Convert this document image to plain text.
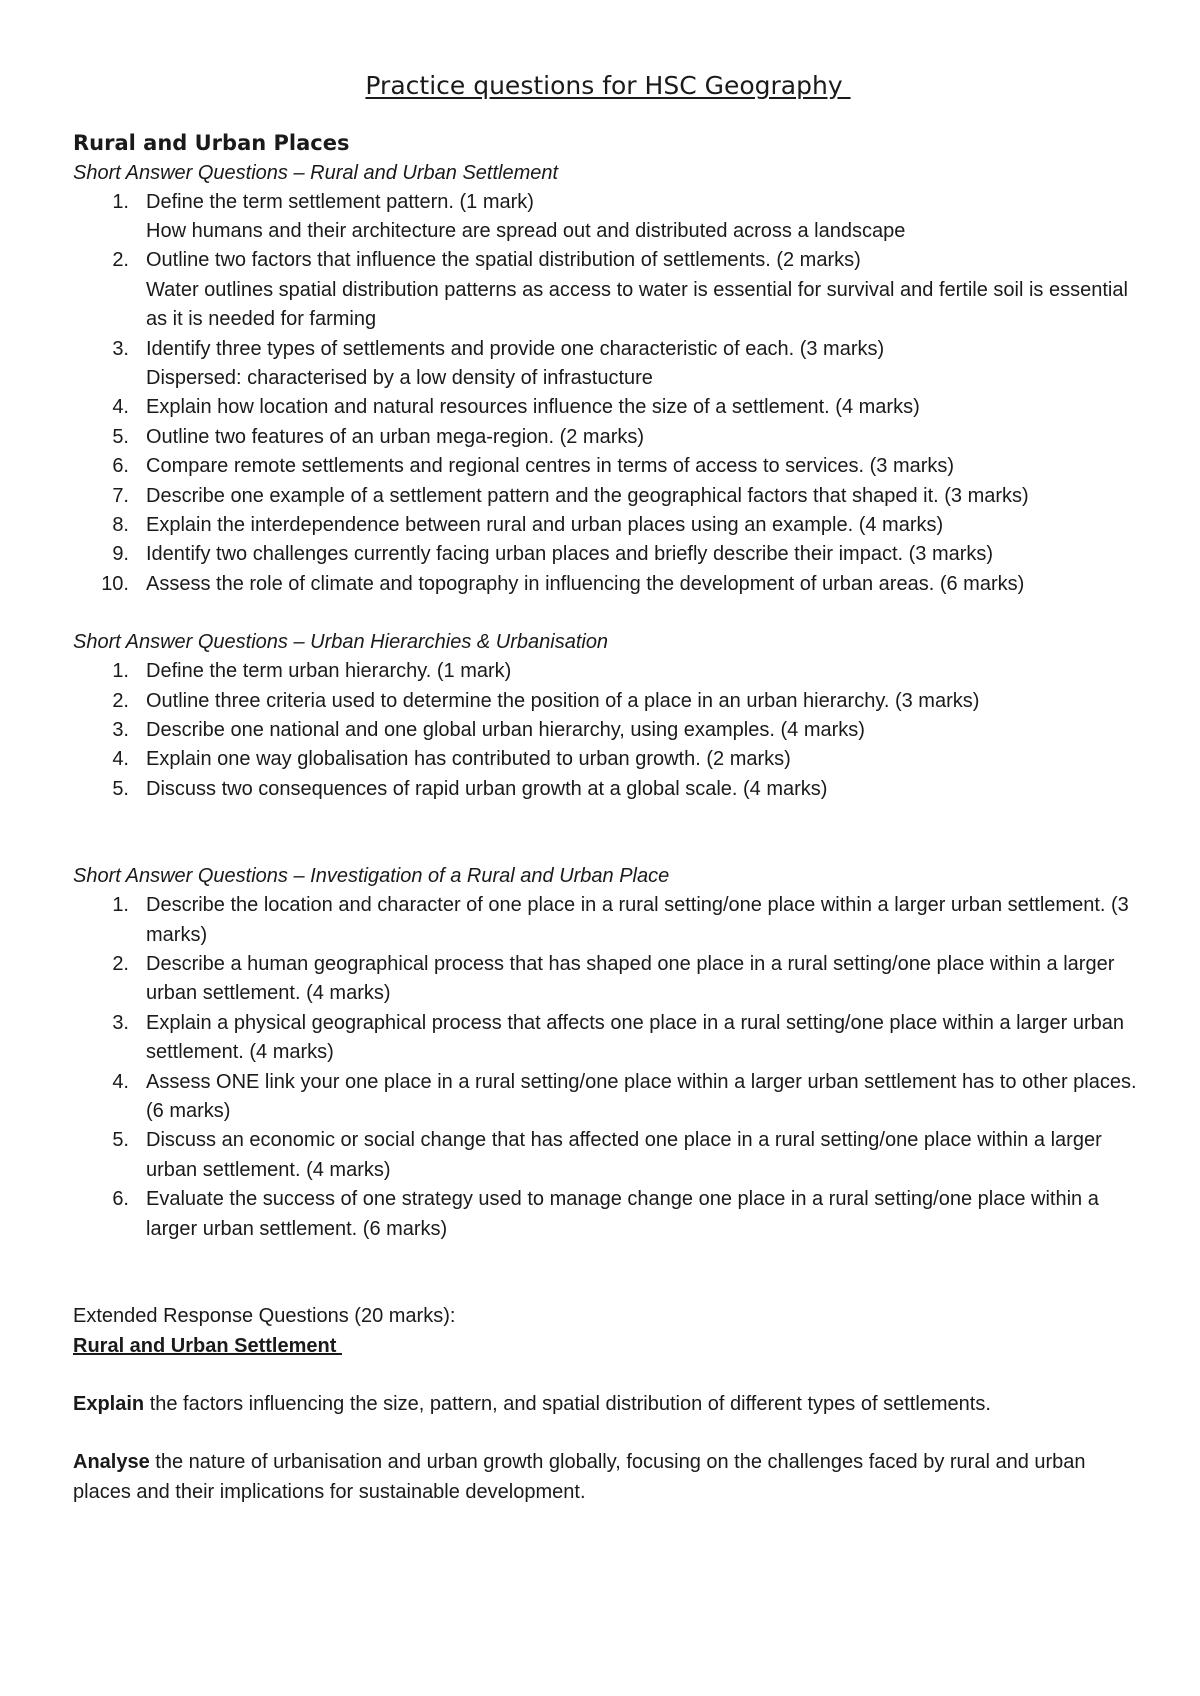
Practice questions for HSC Geography
Rural and Urban Places
Short Answer Questions – Rural and Urban Settlement
1. Define the term settlement pattern. (1 mark)
How humans and their architecture are spread out and distributed across a landscape
2. Outline two factors that influence the spatial distribution of settlements. (2 marks)
Water outlines spatial distribution patterns as access to water is essential for survival and fertile soil is essential as it is needed for farming
3. Identify three types of settlements and provide one characteristic of each. (3 marks)
Dispersed: characterised by a low density of infrastucture
4. Explain how location and natural resources influence the size of a settlement. (4 marks)
5. Outline two features of an urban mega-region. (2 marks)
6. Compare remote settlements and regional centres in terms of access to services. (3 marks)
7. Describe one example of a settlement pattern and the geographical factors that shaped it. (3 marks)
8. Explain the interdependence between rural and urban places using an example. (4 marks)
9. Identify two challenges currently facing urban places and briefly describe their impact. (3 marks)
10. Assess the role of climate and topography in influencing the development of urban areas. (6 marks)
Short Answer Questions – Urban Hierarchies & Urbanisation
1. Define the term urban hierarchy. (1 mark)
2. Outline three criteria used to determine the position of a place in an urban hierarchy. (3 marks)
3. Describe one national and one global urban hierarchy, using examples. (4 marks)
4. Explain one way globalisation has contributed to urban growth. (2 marks)
5. Discuss two consequences of rapid urban growth at a global scale. (4 marks)
Short Answer Questions – Investigation of a Rural and Urban Place
1. Describe the location and character of one place in a rural setting/one place within a larger urban settlement. (3 marks)
2. Describe a human geographical process that has shaped one place in a rural setting/one place within a larger urban settlement. (4 marks)
3. Explain a physical geographical process that affects one place in a rural setting/one place within a larger urban settlement. (4 marks)
4. Assess ONE link your one place in a rural setting/one place within a larger urban settlement has to other places. (6 marks)
5. Discuss an economic or social change that has affected one place in a rural setting/one place within a larger urban settlement. (4 marks)
6. Evaluate the success of one strategy used to manage change one place in a rural setting/one place within a larger urban settlement. (6 marks)
Extended Response Questions (20 marks):
Rural and Urban Settlement

Explain the factors influencing the size, pattern, and spatial distribution of different types of settlements.

Analyse the nature of urbanisation and urban growth globally, focusing on the challenges faced by rural and urban places and their implications for sustainable development.
